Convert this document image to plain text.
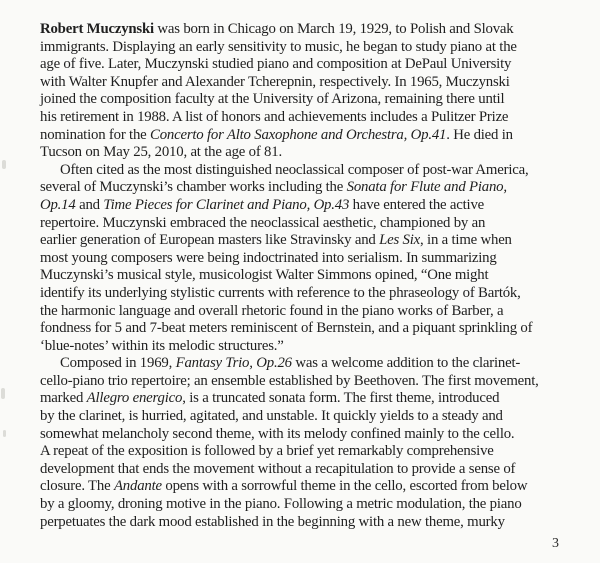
Robert Muczynski was born in Chicago on March 19, 1929, to Polish and Slovak
immigrants. Displaying an early sensitivity to music, he began to study piano at the
age of five. Later, Muczynski studied piano and composition at DePaul University
with Walter Knupfer and Alexander Tcherepnin, respectively. In 1965, Muczynski
joined the composition faculty at the University of Arizona, remaining there until
his retirement in 1988. A list of honors and achievements includes a Pulitzer Prize
nomination for the Concerto for Alto Saxophone and Orchestra, Op.41. He died in
Tucson on May 25, 2010, at the age of 81.
Often cited as the most distinguished neoclassical composer of post-war America,
several of Muczynski’s chamber works including the Sonata for Flute and Piano,
Op.14 and Time Pieces for Clarinet and Piano, Op.43 have entered the active
repertoire. Muczynski embraced the neoclassical aesthetic, championed by an
earlier generation of European masters like Stravinsky and Les Six, in a time when
most young composers were being indoctrinated into serialism. In summarizing
Muczynski’s musical style, musicologist Walter Simmons opined, “One might
identify its underlying stylistic currents with reference to the phraseology of Bartók,
the harmonic language and overall rhetoric found in the piano works of Barber, a
fondness for 5 and 7-beat meters reminiscent of Bernstein, and a piquant sprinkling of
‘blue-notes’ within its melodic structures.”
Composed in 1969, Fantasy Trio, Op.26 was a welcome addition to the clarinet-
cello-piano trio repertoire; an ensemble established by Beethoven. The first movement,
marked Allegro energico, is a truncated sonata form. The first theme, introduced
by the clarinet, is hurried, agitated, and unstable. It quickly yields to a steady and
somewhat melancholy second theme, with its melody confined mainly to the cello.
A repeat of the exposition is followed by a brief yet remarkably comprehensive
development that ends the movement without a recapitulation to provide a sense of
closure. The Andante opens with a sorrowful theme in the cello, escorted from below
by a gloomy, droning motive in the piano. Following a metric modulation, the piano
perpetuates the dark mood established in the beginning with a new theme, murky
3
